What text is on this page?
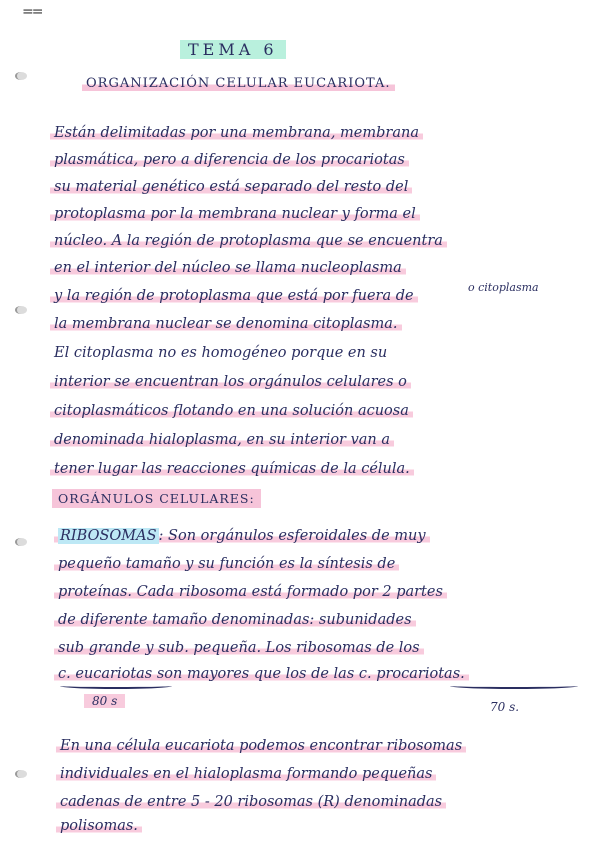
==
TEMA 6
ORGANIZACIÓN CELULAR EUCARIOTA.
Están delimitadas por una membrana, membrana
plasmática, pero a diferencia de los procariotas
su material genético está separado del resto del
protoplasma por la membrana nuclear y forma el
núcleo. A la región de protoplasma que se encuentra
en el interior del núcleo se llama nucleoplasma
o citoplasma
y la región de protoplasma que está por fuera de
la membrana nuclear se denomina citoplasma.
El citoplasma no es homogéneo porque en su
interior se encuentran los orgánulos celulares o
citoplasmáticos flotando en una solución acuosa
denominada hialoplasma, en su interior van a
tener lugar las reacciones químicas de la célula.
ORGÁNULOS CELULARES:
RIBOSOMAS : Son orgánulos esferoidales de muy
pequeño tamaño y su función es la síntesis de
proteínas. Cada ribosoma está formado por 2 partes
de diferente tamaño denominadas: subunidades
sub grande y sub. pequeña. Los ribosomas de los
c. eucariotas son mayores que los de las c. procariotas.
80 s	70 s.
En una célula eucariota podemos encontrar ribosomas
individuales en el hialoplasma formando pequeñas
cadenas de entre 5 - 20 ribosomas (R) denominadas
polisomas.
